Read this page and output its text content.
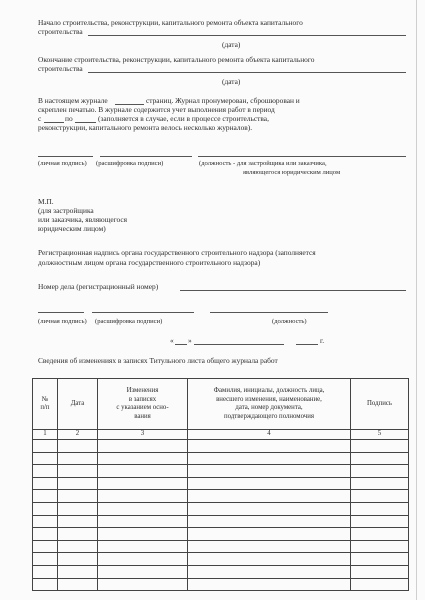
Начало строительства, реконструкции, капитального ремонта объекта капитального
строительства
(дата)
Окончание строительства, реконструкции, капитального ремонта объекта капитального
строительства
(дата)
В настоящем журнале	страниц. Журнал пронумерован, сброшюрован и
скреплен печатью. В журнале содержится учет выполнения работ в период
с	по	(заполняется в случае, если в процессе строительства,
реконструкции, капитального ремонта велось несколько журналов).
(личная подпись) (расшифровка подписи)	(должность - для застройщика или заказчика,
являющегося юридическим лицом
М.П.
(для застройщика
или заказчика, являющегося
юридическим лицом)
Регистрационная надпись органа государственного строительного надзора (заполняется
должностным лицом органа государственного строительного надзора)
Номер дела (регистрационный номер)
(личная подпись) (расшифровка подписи)	(должность)
« »	г.
Сведения об изменениях в записях Титульного листа общего журнала работ
№
п/п	Дата	Изменения
в записях
с указанием осно-
вания	Фамилия, инициалы, должность лица,
внесшего изменения, наименование,
дата, номер документа,
подтверждающего полномочия	Подпись
1	2	3	4	5
